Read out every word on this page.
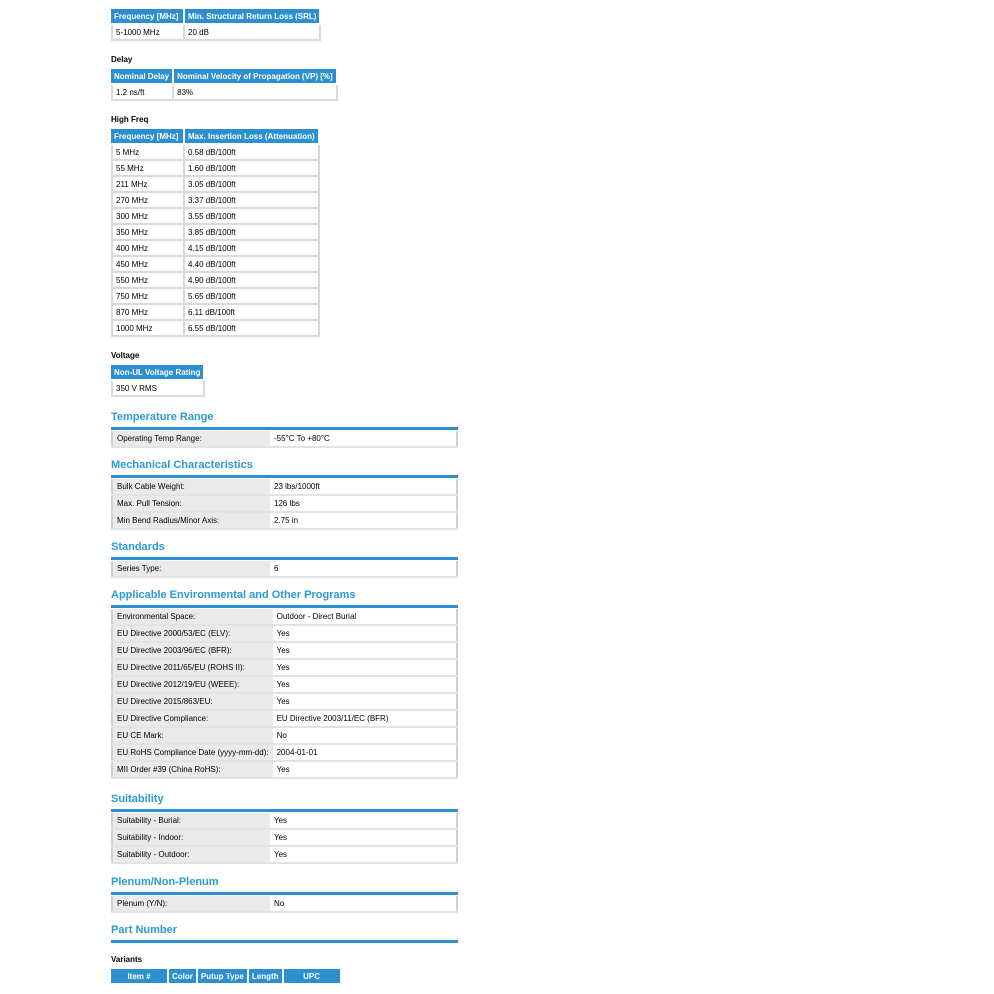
Frequency [MHz]	Min. Structural Return Loss (SRL)
5-1000 MHz	20 dB
Delay
Nominal Delay	Nominal Velocity of Propagation (VP) [%]
1.2 ns/ft	83%
High Freq
Frequency [MHz]	Max. Insertion Loss (Attenuation)
5 MHz	0.58 dB/100ft
55 MHz	1.60 dB/100ft
211 MHz	3.05 dB/100ft
270 MHz	3.37 dB/100ft
300 MHz	3.55 dB/100ft
350 MHz	3.85 dB/100ft
400 MHz	4.15 dB/100ft
450 MHz	4.40 dB/100ft
550 MHz	4.90 dB/100ft
750 MHz	5.65 dB/100ft
870 MHz	6.11 dB/100ft
1000 MHz	6.55 dB/100ft
Voltage
Non-UL Voltage Rating
350 V RMS
Temperature Range
Operating Temp Range:	-55°C To +80°C
Mechanical Characteristics
Bulk Cable Weight:	23 lbs/1000ft
Max. Pull Tension:	126 lbs
Min Bend Radius/Minor Axis:	2.75 in
Standards
Series Type:	6
Applicable Environmental and Other Programs
Environmental Space:	Outdoor - Direct Burial
EU Directive 2000/53/EC (ELV):	Yes
EU Directive 2003/96/EC (BFR):	Yes
EU Directive 2011/65/EU (ROHS II):	Yes
EU Directive 2012/19/EU (WEEE):	Yes
EU Directive 2015/863/EU:	Yes
EU Directive Compliance:	EU Directive 2003/11/EC (BFR)
EU CE Mark:	No
EU RoHS Compliance Date (yyyy-mm-dd):	2004-01-01
MII Order #39 (China RoHS):	Yes
Suitability
Suitability - Burial:	Yes
Suitability - Indoor:	Yes
Suitability - Outdoor:	Yes
Plenum/Non-Plenum
Plenum (Y/N):	No
Part Number
Variants
Item #	Color	Putup Type	Length	UPC
